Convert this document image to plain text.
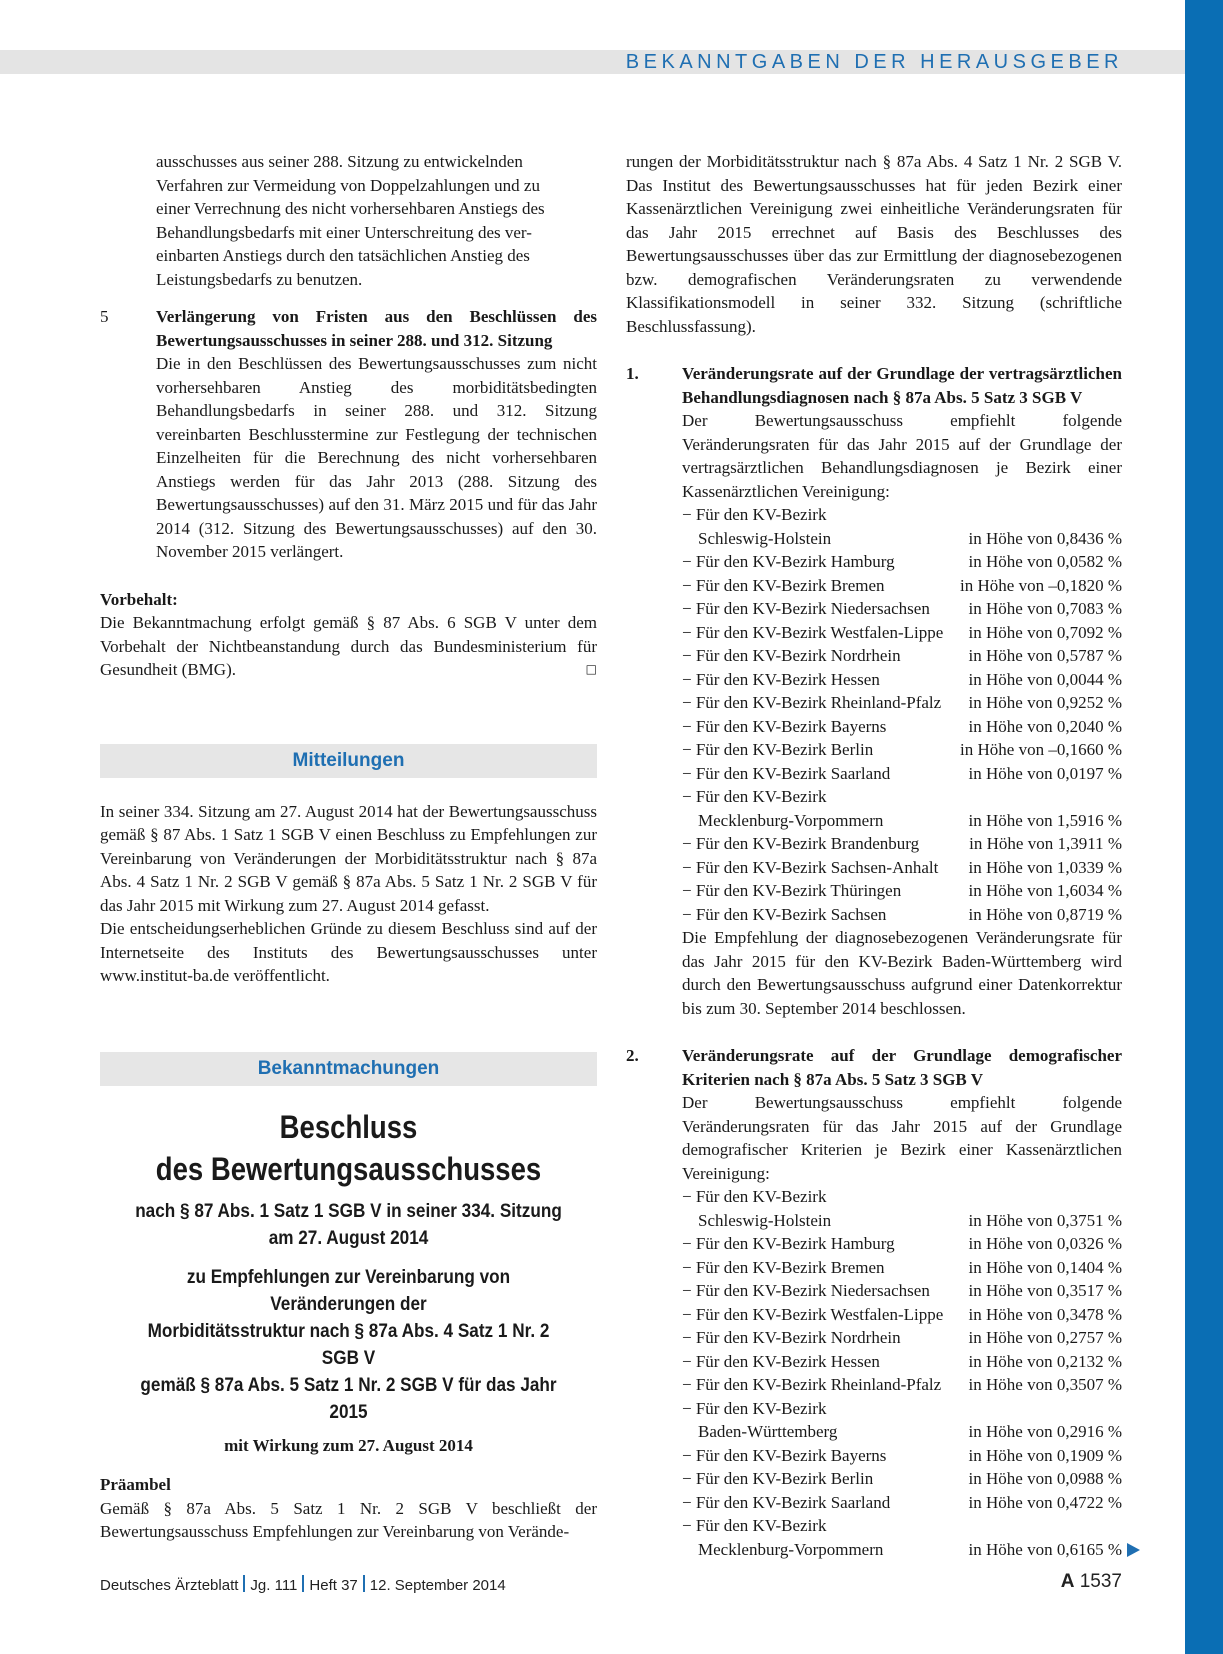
BEKANNTGABEN DER HERAUSGEBER
ausschusses aus seiner 288. Sitzung zu entwickelnden
Verfahren zur Vermeidung von Doppelzahlungen und zu
einer Verrechnung des nicht vorhersehbaren Anstiegs des
Behandlungsbedarfs mit einer Unterschreitung des ver-
einbarten Anstiegs durch den tatsächlichen Anstieg des
Leistungsbedarfs zu benutzen.
5	Verlängerung von Fristen aus den Beschlüssen des Bewertungsausschusses in seiner 288. und 312. Sitzung
Die in den Beschlüssen des Bewertungsausschusses zum nicht vorhersehbaren Anstieg des morbiditätsbedingten Behandlungsbedarfs in seiner 288. und 312. Sitzung vereinbarten Beschlusstermine zur Festlegung der technischen Einzelheiten für die Berechnung des nicht vorhersehbaren Anstiegs werden für das Jahr 2013 (288. Sitzung des Bewertungsausschusses) auf den 31. März 2015 und für das Jahr 2014 (312. Sitzung des Bewertungsausschusses) auf den 30. November 2015 verlängert.
Vorbehalt:
Die Bekanntmachung erfolgt gemäß § 87 Abs. 6 SGB V unter dem Vorbehalt der Nichtbeanstandung durch das Bundesministerium für Gesundheit (BMG).	□
Mitteilungen
In seiner 334. Sitzung am 27. August 2014 hat der Bewertungsausschuss gemäß § 87 Abs. 1 Satz 1 SGB V einen Beschluss zu Empfehlungen zur Vereinbarung von Veränderungen der Morbiditätsstruktur nach § 87a Abs. 4 Satz 1 Nr. 2 SGB V gemäß § 87a Abs. 5 Satz 1 Nr. 2 SGB V für das Jahr 2015 mit Wirkung zum 27. August 2014 gefasst.
Die entscheidungserheblichen Gründe zu diesem Beschluss sind auf der Internetseite des Instituts des Bewertungsausschusses unter www.institut-ba.de veröffentlicht.
Bekanntmachungen
Beschluss
des Bewertungsausschusses
nach § 87 Abs. 1 Satz 1 SGB V in seiner 334. Sitzung
am 27. August 2014
zu Empfehlungen zur Vereinbarung von Veränderungen der
Morbiditätsstruktur nach § 87a Abs. 4 Satz 1 Nr. 2 SGB V
gemäß § 87a Abs. 5 Satz 1 Nr. 2 SGB V für das Jahr 2015
mit Wirkung zum 27. August 2014
Präambel
Gemäß § 87a Abs. 5 Satz 1 Nr. 2 SGB V beschließt der Bewertungsausschuss Empfehlungen zur Vereinbarung von Verände-
rungen der Morbiditätsstruktur nach § 87a Abs. 4 Satz 1 Nr. 2 SGB V. Das Institut des Bewertungsausschusses hat für jeden Bezirk einer Kassenärztlichen Vereinigung zwei einheitliche Veränderungsraten für das Jahr 2015 errechnet auf Basis des Beschlusses des Bewertungsausschusses über das zur Ermittlung der diagnosebezogenen bzw. demografischen Veränderungsraten zu verwendende Klassifikationsmodell in seiner 332. Sitzung (schriftliche Beschlussfassung).
1.	Veränderungsrate auf der Grundlage der vertragsärztlichen Behandlungsdiagnosen nach § 87a Abs. 5 Satz 3 SGB V
Der Bewertungsausschuss empfiehlt folgende Veränderungsraten für das Jahr 2015 auf der Grundlage der vertragsärztlichen Behandlungsdiagnosen je Bezirk einer Kassenärztlichen Vereinigung:
− Für den KV-Bezirk
Schleswig-Holstein	in Höhe von 0,8436 %
− Für den KV-Bezirk Hamburg	in Höhe von 0,0582 %
− Für den KV-Bezirk Bremen	in Höhe von –0,1820 %
− Für den KV-Bezirk Niedersachsen in Höhe von 0,7083 %
− Für den KV-Bezirk Westfalen-Lippe in Höhe von 0,7092 %
− Für den KV-Bezirk Nordrhein	in Höhe von 0,5787 %
− Für den KV-Bezirk Hessen	in Höhe von 0,0044 %
− Für den KV-Bezirk Rheinland-Pfalz in Höhe von 0,9252 %
− Für den KV-Bezirk Bayerns	in Höhe von 0,2040 %
− Für den KV-Bezirk Berlin	in Höhe von –0,1660 %
− Für den KV-Bezirk Saarland	in Höhe von 0,0197 %
− Für den KV-Bezirk
Mecklenburg-Vorpommern	in Höhe von 1,5916 %
− Für den KV-Bezirk Brandenburg	in Höhe von 1,3911 %
− Für den KV-Bezirk Sachsen-Anhalt in Höhe von 1,0339 %
− Für den KV-Bezirk Thüringen	in Höhe von 1,6034 %
− Für den KV-Bezirk Sachsen	in Höhe von 0,8719 %
Die Empfehlung der diagnosebezogenen Veränderungsrate für das Jahr 2015 für den KV-Bezirk Baden-Württemberg wird durch den Bewertungsausschuss aufgrund einer Datenkorrektur bis zum 30. September 2014 beschlossen.
2.	Veränderungsrate auf der Grundlage demografischer Kriterien nach § 87a Abs. 5 Satz 3 SGB V
Der Bewertungsausschuss empfiehlt folgende Veränderungsraten für das Jahr 2015 auf der Grundlage demografischer Kriterien je Bezirk einer Kassenärztlichen Vereinigung:
− Für den KV-Bezirk
Schleswig-Holstein	in Höhe von 0,3751 %
− Für den KV-Bezirk Hamburg	in Höhe von 0,0326 %
− Für den KV-Bezirk Bremen	in Höhe von 0,1404 %
− Für den KV-Bezirk Niedersachsen in Höhe von 0,3517 %
− Für den KV-Bezirk Westfalen-Lippe in Höhe von 0,3478 %
− Für den KV-Bezirk Nordrhein	in Höhe von 0,2757 %
− Für den KV-Bezirk Hessen	in Höhe von 0,2132 %
− Für den KV-Bezirk Rheinland-Pfalz in Höhe von 0,3507 %
− Für den KV-Bezirk
Baden-Württemberg	in Höhe von 0,2916 %
− Für den KV-Bezirk Bayerns	in Höhe von 0,1909 %
− Für den KV-Bezirk Berlin	in Höhe von 0,0988 %
− Für den KV-Bezirk Saarland	in Höhe von 0,4722 %
− Für den KV-Bezirk
Mecklenburg-Vorpommern	in Höhe von 0,6165 %
Deutsches Ärzteblatt Jg. 111 Heft 37 12. September 2014	A 1537
